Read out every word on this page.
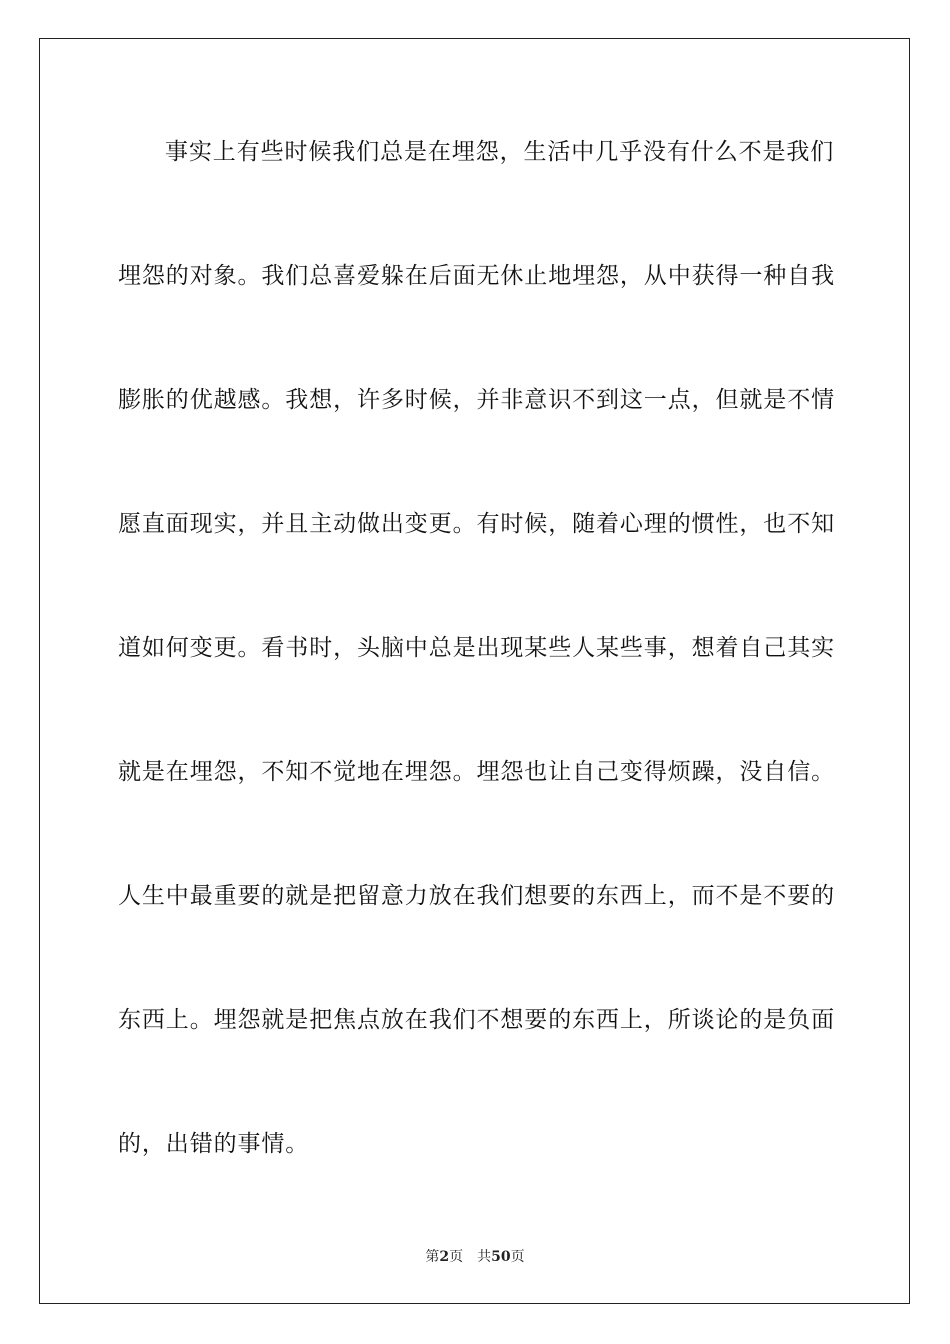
事实上有些时候我们总是在埋怨，生活中几乎没有什么不是我们
埋怨的对象。我们总喜爱躲在后面无休止地埋怨，从中获得一种自我
膨胀的优越感。我想，许多时候，并非意识不到这一点，但就是不情
愿直面现实，并且主动做出变更。有时候，随着心理的惯性，也不知
道如何变更。看书时，头脑中总是出现某些人某些事，想着自己其实
就是在埋怨，不知不觉地在埋怨。埋怨也让自己变得烦躁，没自信。
人生中最重要的就是把留意力放在我们想要的东西上，而不是不要的
东西上。埋怨就是把焦点放在我们不想要的东西上，所谈论的是负面
的，出错的事情。
第2页 共50页
